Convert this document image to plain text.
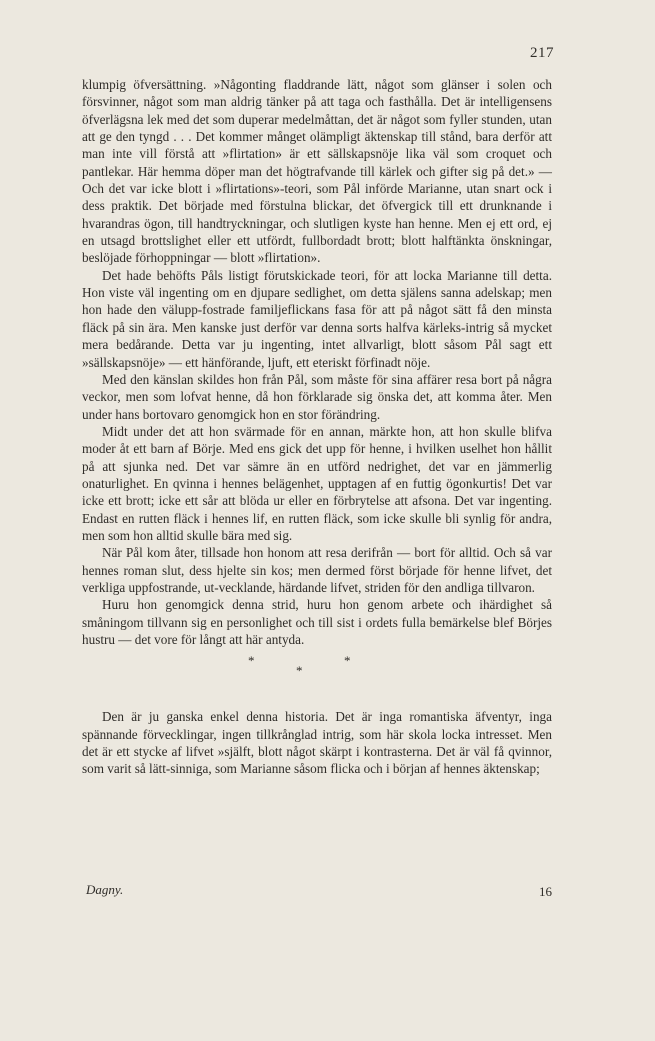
217

klumpig öfversättning. »Någonting fladdrande lätt, något som glänser i solen och försvinner, något som man aldrig tänker på att taga och fasthålla. Det är intelligensens öfverlägsna lek med det som duperar medelmåttan, det är något som fyller stunden, utan att ge den tyngd . . . Det kommer månget olämpligt äktenskap till stånd, bara derför att man inte vill förstå att »flirtation» är ett sällskapsnöje lika väl som croquet och pantlekar. Här hemma döper man det högtrafvande till kärlek och gifter sig på det.» — Och det var icke blott i »flirtations»-teori, som Pål införde Marianne, utan snart ock i dess praktik. Det började med förstulna blickar, det öfvergick till ett drunknande i hvarandras ögon, till handtryckningar, och slutligen kyste han henne. Men ej ett ord, ej en utsagd brottslighet eller ett utfördt, fullbordadt brott; blott halftänkta önskningar, beslöjade förhoppningar — blott »flirtation».

Det hade behöfts Påls listigt förutskickade teori, för att locka Marianne till detta. Hon viste väl ingenting om en djupare sedlighet, om detta själens sanna adelskap; men hon hade den välupp-fostrade familjeflickans fasa för att på något sätt få den minsta fläck på sin ära. Men kanske just derför var denna sorts halfva kärleks-intrig så mycket mera bedårande. Detta var ju ingenting, intet allvarligt, blott såsom Pål sagt ett »sällskapsnöje» — ett hänförande, ljuft, ett eteriskt förfinadt nöje.

Med den känslan skildes hon från Pål, som måste för sina affärer resa bort på några veckor, men som lofvat henne, då hon förklarade sig önska det, att komma åter. Men under hans bortovaro genomgick hon en stor förändring.

Midt under det att hon svärmade för en annan, märkte hon, att hon skulle blifva moder åt ett barn af Börje. Med ens gick det upp för henne, i hvilken uselhet hon hållit på att sjunka ned. Det var sämre än en utförd nedrighet, det var en jämmerlig onaturlighet. En qvinna i hennes belägenhet, upptagen af en futtig ögonkurtis! Det var icke ett brott; icke ett sår att blöda ur eller en förbrytelse att afsona. Det var ingenting. Endast en rutten fläck i hennes lif, en rutten fläck, som icke skulle bli synlig för andra, men som hon alltid skulle bära med sig.

När Pål kom åter, tillsade hon honom att resa derifrån — bort för alltid. Och så var hennes roman slut, dess hjelte sin kos; men dermed först började för henne lifvet, det verkliga uppfostrande, ut-vecklande, härdande lifvet, striden för den andliga tillvaron.

Huru hon genomgick denna strid, huru hon genom arbete och ihärdighet så småningom tillvann sig en personlighet och till sist i ordets fulla bemärkelse blef Börjes hustru — det vore för långt att här antyda.

*
*
*

Den är ju ganska enkel denna historia. Det är inga romantiska äfventyr, inga spännande förvecklingar, ingen tillkrånglad intrig, som här skola locka intresset. Men det är ett stycke af lifvet »själft, blott något skärpt i kontrasterna. Det är väl få qvinnor, som varit så lätt-sinniga, som Marianne såsom flicka och i början af hennes äktenskap;

Dagny.	16
